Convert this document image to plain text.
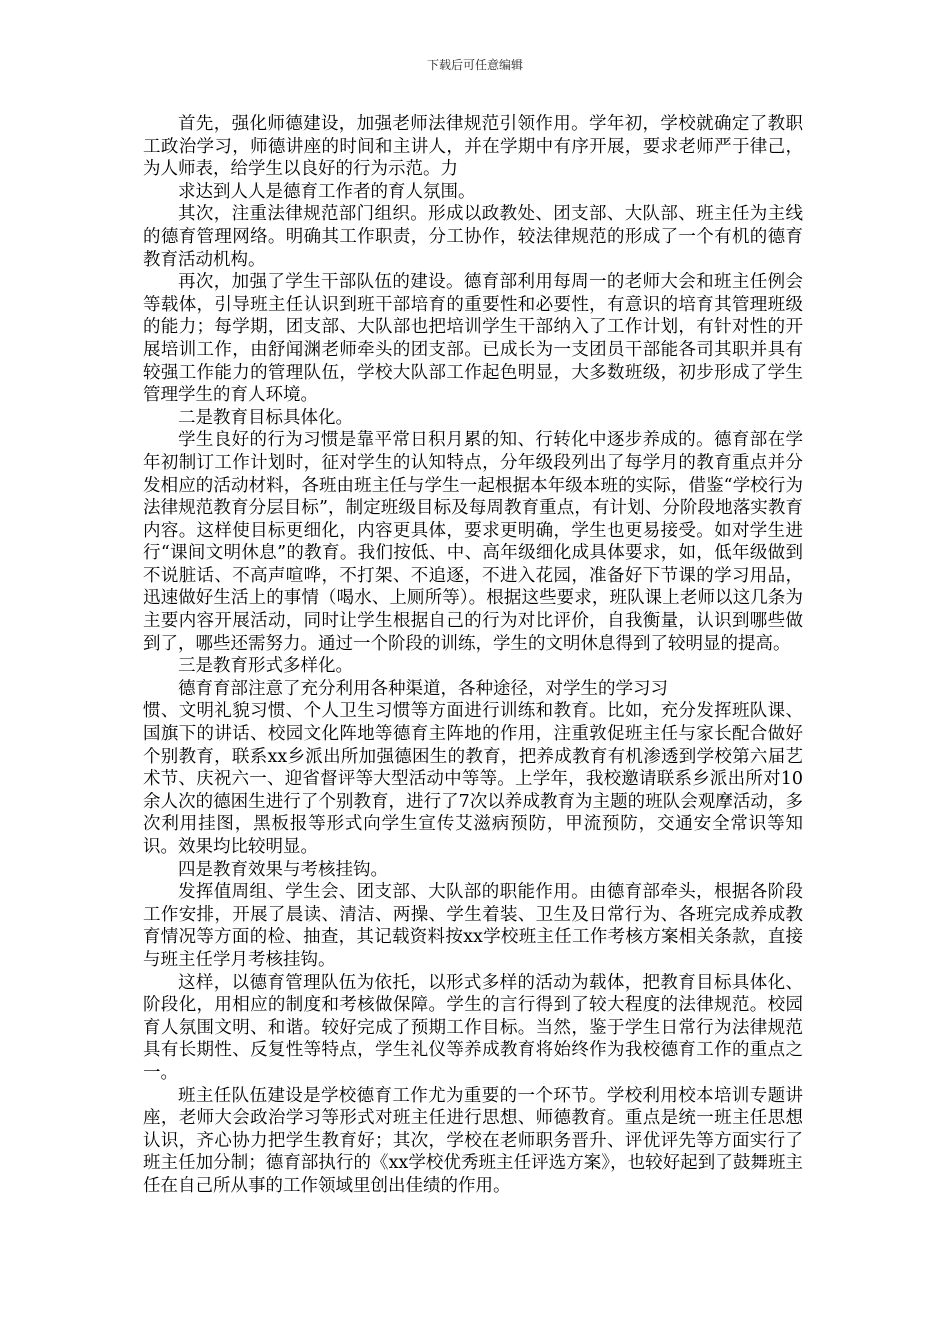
下载后可任意编辑

首先，强化师德建设，加强老师法律规范引领作用。学年初，学校就确定了教职工政治学习，师德讲座的时间和主讲人，并在学期中有序开展，要求老师严于律己，为人师表，给学生以良好的行为示范。力

求达到人人是德育工作者的育人氛围。

其次，注重法律规范部门组织。形成以政教处、团支部、大队部、班主任为主线的德育管理网络。明确其工作职责，分工协作，较法律规范的形成了一个有机的德育教育活动机构。

再次，加强了学生干部队伍的建设。德育部利用每周一的老师大会和班主任例会等载体，引导班主任认识到班干部培育的重要性和必要性，有意识的培育其管理班级的能力；每学期，团支部、大队部也把培训学生干部纳入了工作计划，有针对性的开展培训工作，由舒闻渊老师牵头的团支部。已成长为一支团员干部能各司其职并具有较强工作能力的管理队伍，学校大队部工作起色明显，大多数班级，初步形成了学生管理学生的育人环境。

二是教育目标具体化。

学生良好的行为习惯是靠平常日积月累的知、行转化中逐步养成的。德育部在学年初制订工作计划时，征对学生的认知特点，分年级段列出了每学月的教育重点并分发相应的活动材料，各班由班主任与学生一起根据本年级本班的实际，借鉴“学校行为法律规范教育分层目标”，制定班级目标及每周教育重点，有计划、分阶段地落实教育内容。这样使目标更细化，内容更具体，要求更明确，学生也更易接受。如对学生进行“课间文明休息”的教育。我们按低、中、高年级细化成具体要求，如，低年级做到不说脏话、不高声喧哗，不打架、不追逐，不进入花园，准备好下节课的学习用品，迅速做好生活上的事情（喝水、上厕所等）。根据这些要求，班队课上老师以这几条为主要内容开展活动，同时让学生根据自己的行为对比评价，自我衡量，认识到哪些做到了，哪些还需努力。通过一个阶段的训练，学生的文明休息得到了较明显的提高。

三是教育形式多样化。

德育育部注意了充分利用各种渠道，各种途径，对学生的学习习

惯、文明礼貌习惯、个人卫生习惯等方面进行训练和教育。比如，充分发挥班队课、国旗下的讲话、校园文化阵地等德育主阵地的作用，注重敦促班主任与家长配合做好个别教育，联系xx乡派出所加强德困生的教育，把养成教育有机渗透到学校第六届艺术节、庆祝六一、迎省督评等大型活动中等等。上学年，我校邀请联系乡派出所对10余人次的德困生进行了个别教育，进行了7次以养成教育为主题的班队会观摩活动，多次利用挂图，黑板报等形式向学生宣传艾滋病预防，甲流预防，交通安全常识等知识。效果均比较明显。

四是教育效果与考核挂钩。

发挥值周组、学生会、团支部、大队部的职能作用。由德育部牵头，根据各阶段工作安排，开展了晨读、清洁、两操、学生着装、卫生及日常行为、各班完成养成教育情况等方面的检、抽查，其记载资料按xx学校班主任工作考核方案相关条款，直接与班主任学月考核挂钩。

这样，以德育管理队伍为依托，以形式多样的活动为载体，把教育目标具体化、阶段化，用相应的制度和考核做保障。学生的言行得到了较大程度的法律规范。校园育人氛围文明、和谐。较好完成了预期工作目标。当然，鉴于学生日常行为法律规范具有长期性、反复性等特点，学生礼仪等养成教育将始终作为我校德育工作的重点之一。

班主任队伍建设是学校德育工作尤为重要的一个环节。学校利用校本培训专题讲座，老师大会政治学习等形式对班主任进行思想、师德教育。重点是统一班主任思想认识，齐心协力把学生教育好；其次，学校在老师职务晋升、评优评先等方面实行了班主任加分制；德育部执行的《xx学校优秀班主任评选方案》，也较好起到了鼓舞班主任在自己所从事的工作领域里创出佳绩的作用。
